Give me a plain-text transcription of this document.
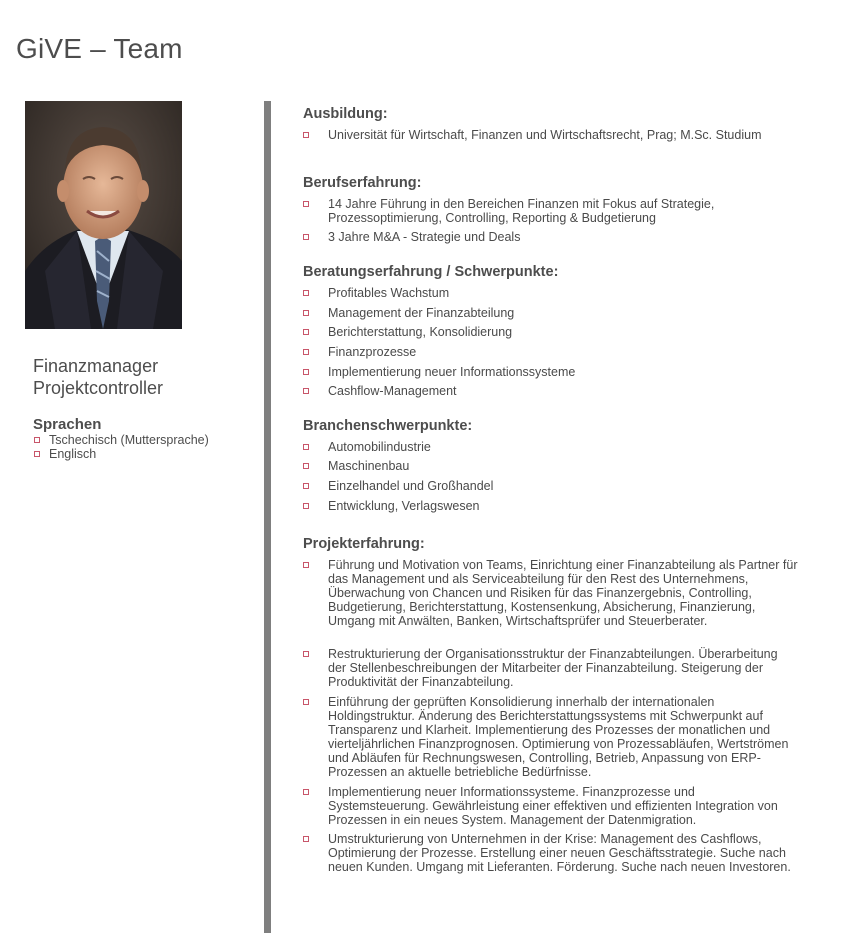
GiVE – Team
Finanzmanager
Projektcontroller
Sprachen
Tschechisch (Muttersprache)
Englisch
Ausbildung:
Universität für Wirtschaft, Finanzen und Wirtschaftsrecht, Prag; M.Sc. Studium
Berufserfahrung:
14 Jahre Führung in den Bereichen Finanzen mit Fokus auf Strategie, Prozessoptimierung, Controlling, Reporting & Budgetierung
3 Jahre M&A - Strategie und Deals
Beratungserfahrung / Schwerpunkte:
Profitables Wachstum
Management der Finanzabteilung
Berichterstattung, Konsolidierung
Finanzprozesse
Implementierung neuer Informationssysteme
Cashflow-Management
Branchenschwerpunkte:
Automobilindustrie
Maschinenbau
Einzelhandel und Großhandel
Entwicklung, Verlagswesen
Projekterfahrung:
Führung und Motivation von Teams, Einrichtung einer Finanzabteilung als Partner für das Management und als Serviceabteilung für den Rest des Unternehmens, Überwachung von Chancen und Risiken für das Finanzergebnis, Controlling, Budgetierung, Berichterstattung, Kostensenkung, Absicherung, Finanzierung, Umgang mit Anwälten, Banken, Wirtschaftsprüfer und Steuerberater.
Restrukturierung der Organisationsstruktur der Finanzabteilungen. Überarbeitung der Stellenbeschreibungen der Mitarbeiter der Finanzabteilung. Steigerung der Produktivität der Finanzabteilung.
Einführung der geprüften Konsolidierung innerhalb der internationalen Holdingstruktur. Änderung des Berichterstattungssystems mit Schwerpunkt auf Transparenz und Klarheit. Implementierung des Prozesses der monatlichen und vierteljährlichen Finanzprognosen. Optimierung von Prozessabläufen, Wertströmen und Abläufen für Rechnungswesen, Controlling, Betrieb, Anpassung von ERP-Prozessen an aktuelle betriebliche Bedürfnisse.
Implementierung neuer Informationssysteme. Finanzprozesse und Systemsteuerung. Gewährleistung einer effektiven und effizienten Integration von Prozessen in ein neues System. Management der Datenmigration.
Umstrukturierung von Unternehmen in der Krise: Management des Cashflows, Optimierung der Prozesse. Erstellung einer neuen Geschäftsstrategie. Suche nach neuen Kunden. Umgang mit Lieferanten. Förderung. Suche nach neuen Investoren.
